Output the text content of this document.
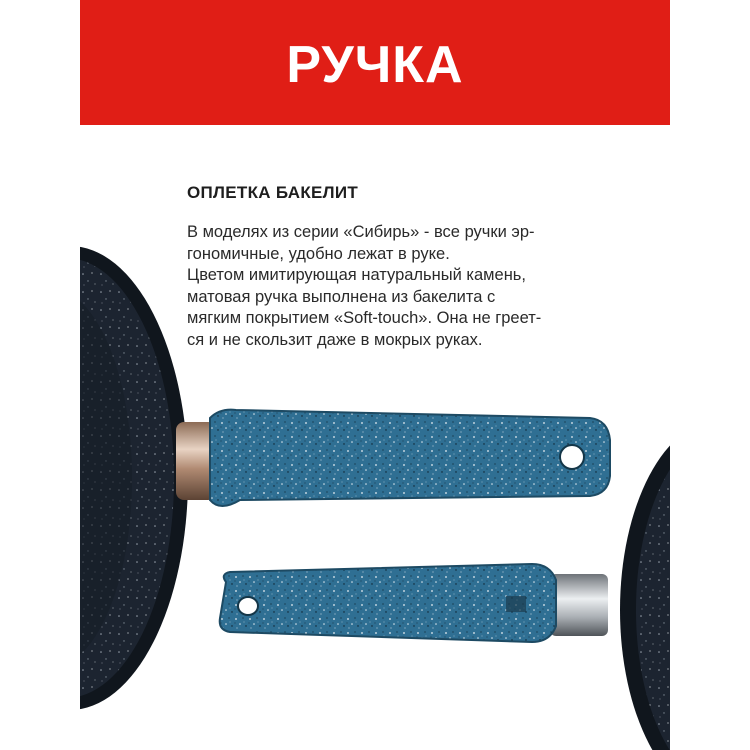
РУЧКА
ОПЛЕТКА БАКЕЛИТ

В моделях из серии «Сибирь» - все ручки эр-
гономичные, удобно лежат в руке.
Цветом имитирующая натуральный камень,
матовая ручка выполнена из бакелита с
мягким покрытием «Soft-touch». Она не греет-
ся и не скользит даже в мокрых руках.
